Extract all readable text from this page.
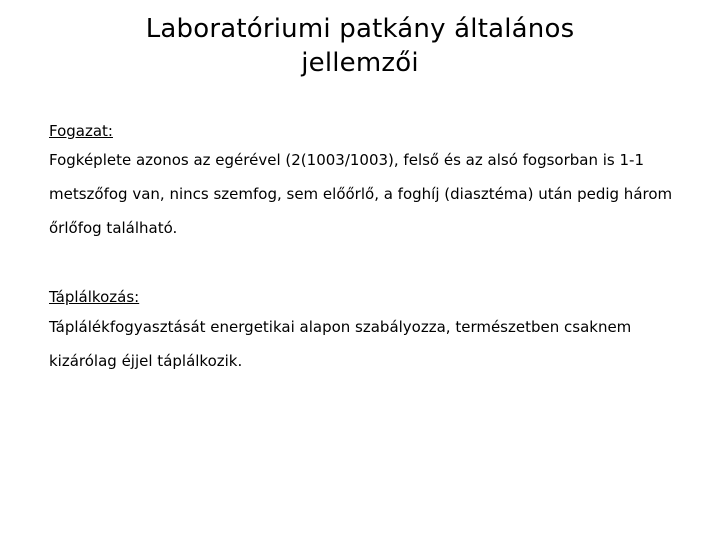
Laboratóriumi patkány általános
jellemzői

Fogazat:

Fogképlete azonos az egérével (2(1003/1003), felső és az alsó fogsorban is 1-1 metszőfog van, nincs szemfog, sem előőrlő, a foghíj (diasztéma) után pedig három őrlőfog található.

Táplálkozás:

Táplálékfogyasztását energetikai alapon szabályozza, természetben csaknem kizárólag éjjel táplálkozik.
